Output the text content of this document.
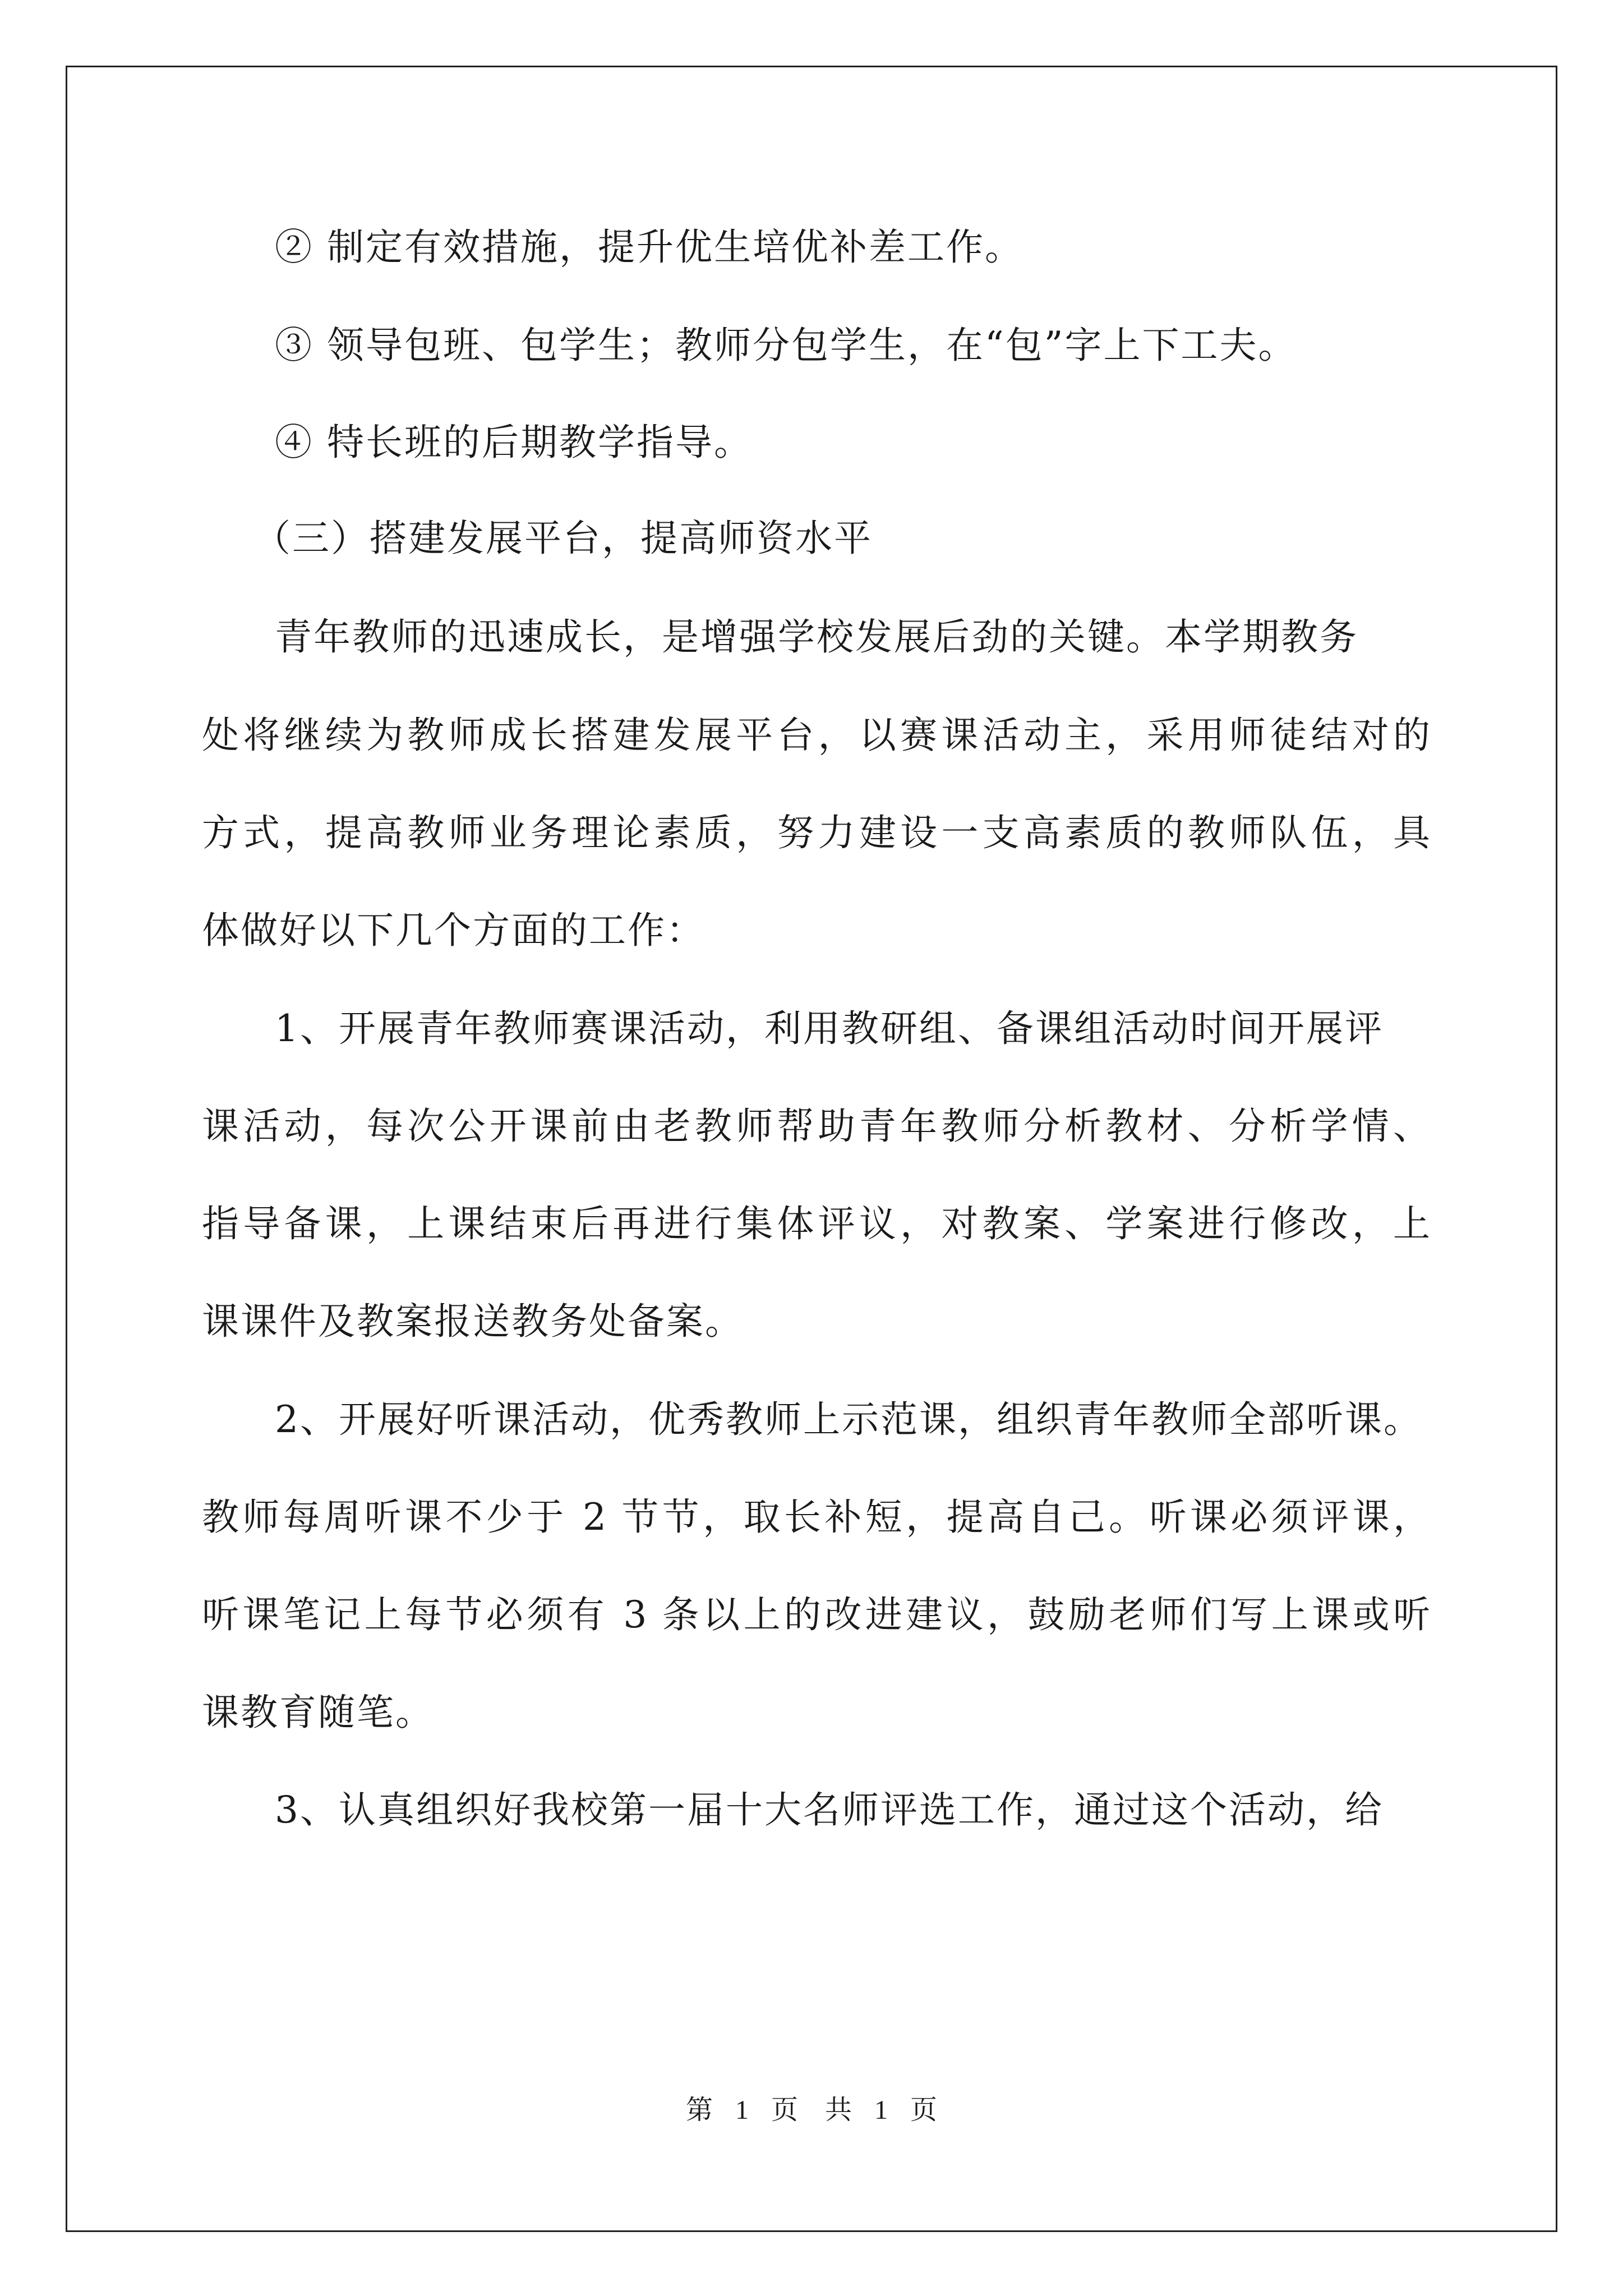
② 制定有效措施，提升优生培优补差工作。
③ 领导包班、包学生；教师分包学生，在“包”字上下工夫。
④ 特长班的后期教学指导。
（三）搭建发展平台，提高师资水平
青年教师的迅速成长，是增强学校发展后劲的关键。本学期教务
处将继续为教师成长搭建发展平台，以赛课活动主，采用师徒结对的
方式，提高教师业务理论素质，努力建设一支高素质的教师队伍，具
体做好以下几个方面的工作：
1、开展青年教师赛课活动，利用教研组、备课组活动时间开展评
课活动，每次公开课前由老教师帮助青年教师分析教材、分析学情、
指导备课，上课结束后再进行集体评议，对教案、学案进行修改，上
课课件及教案报送教务处备案。
2、开展好听课活动，优秀教师上示范课，组织青年教师全部听课。
教师每周听课不少于 2 节节，取长补短，提高自己。听课必须评课，
听课笔记上每节必须有 3 条以上的改进建议，鼓励老师们写上课或听
课教育随笔。
3、认真组织好我校第一届十大名师评选工作，通过这个活动，给
第 1 页　共 1 页
